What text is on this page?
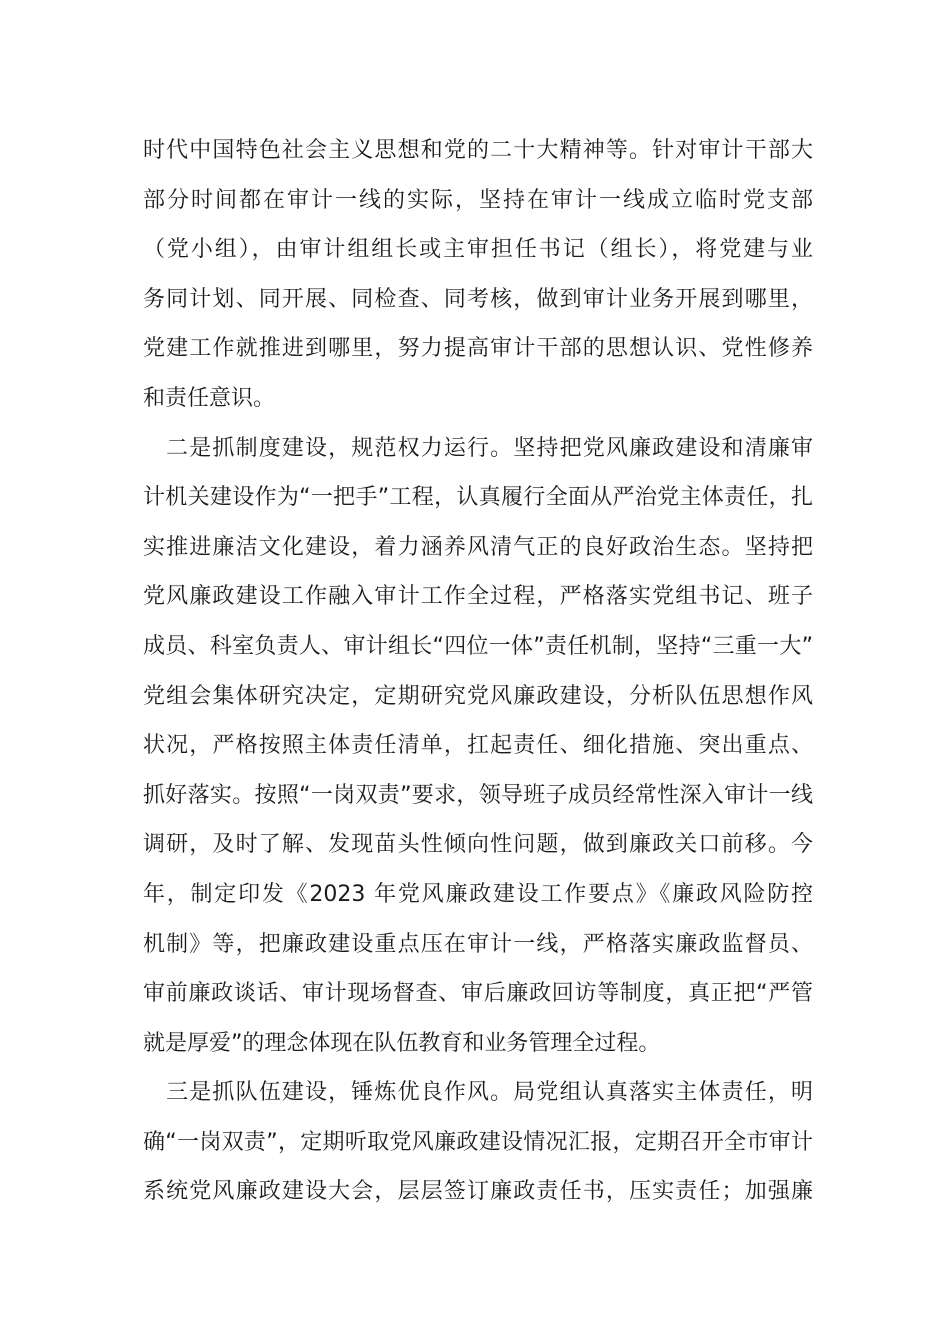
时代中国特色社会主义思想和党的二十大精神等。针对审计干部大
部分时间都在审计一线的实际，坚持在审计一线成立临时党支部
（党小组），由审计组组长或主审担任书记（组长），将党建与业
务同计划、同开展、同检查、同考核，做到审计业务开展到哪里，
党建工作就推进到哪里，努力提高审计干部的思想认识、党性修养
和责任意识。
　二是抓制度建设，规范权力运行。坚持把党风廉政建设和清廉审
计机关建设作为“一把手”工程，认真履行全面从严治党主体责任，扎
实推进廉洁文化建设，着力涵养风清气正的良好政治生态。坚持把
党风廉政建设工作融入审计工作全过程，严格落实党组书记、班子
成员、科室负责人、审计组长“四位一体”责任机制，坚持“三重一大”
党组会集体研究决定，定期研究党风廉政建设，分析队伍思想作风
状况，严格按照主体责任清单，扛起责任、细化措施、突出重点、
抓好落实。按照“一岗双责”要求，领导班子成员经常性深入审计一线
调研，及时了解、发现苗头性倾向性问题，做到廉政关口前移。今
年，制定印发《2023 年党风廉政建设工作要点》《廉政风险防控
机制》等，把廉政建设重点压在审计一线，严格落实廉政监督员、
审前廉政谈话、审计现场督查、审后廉政回访等制度，真正把“严管
就是厚爱”的理念体现在队伍教育和业务管理全过程。
　三是抓队伍建设，锤炼优良作风。局党组认真落实主体责任，明
确“一岗双责”，定期听取党风廉政建设情况汇报，定期召开全市审计
系统党风廉政建设大会，层层签订廉政责任书，压实责任；加强廉
